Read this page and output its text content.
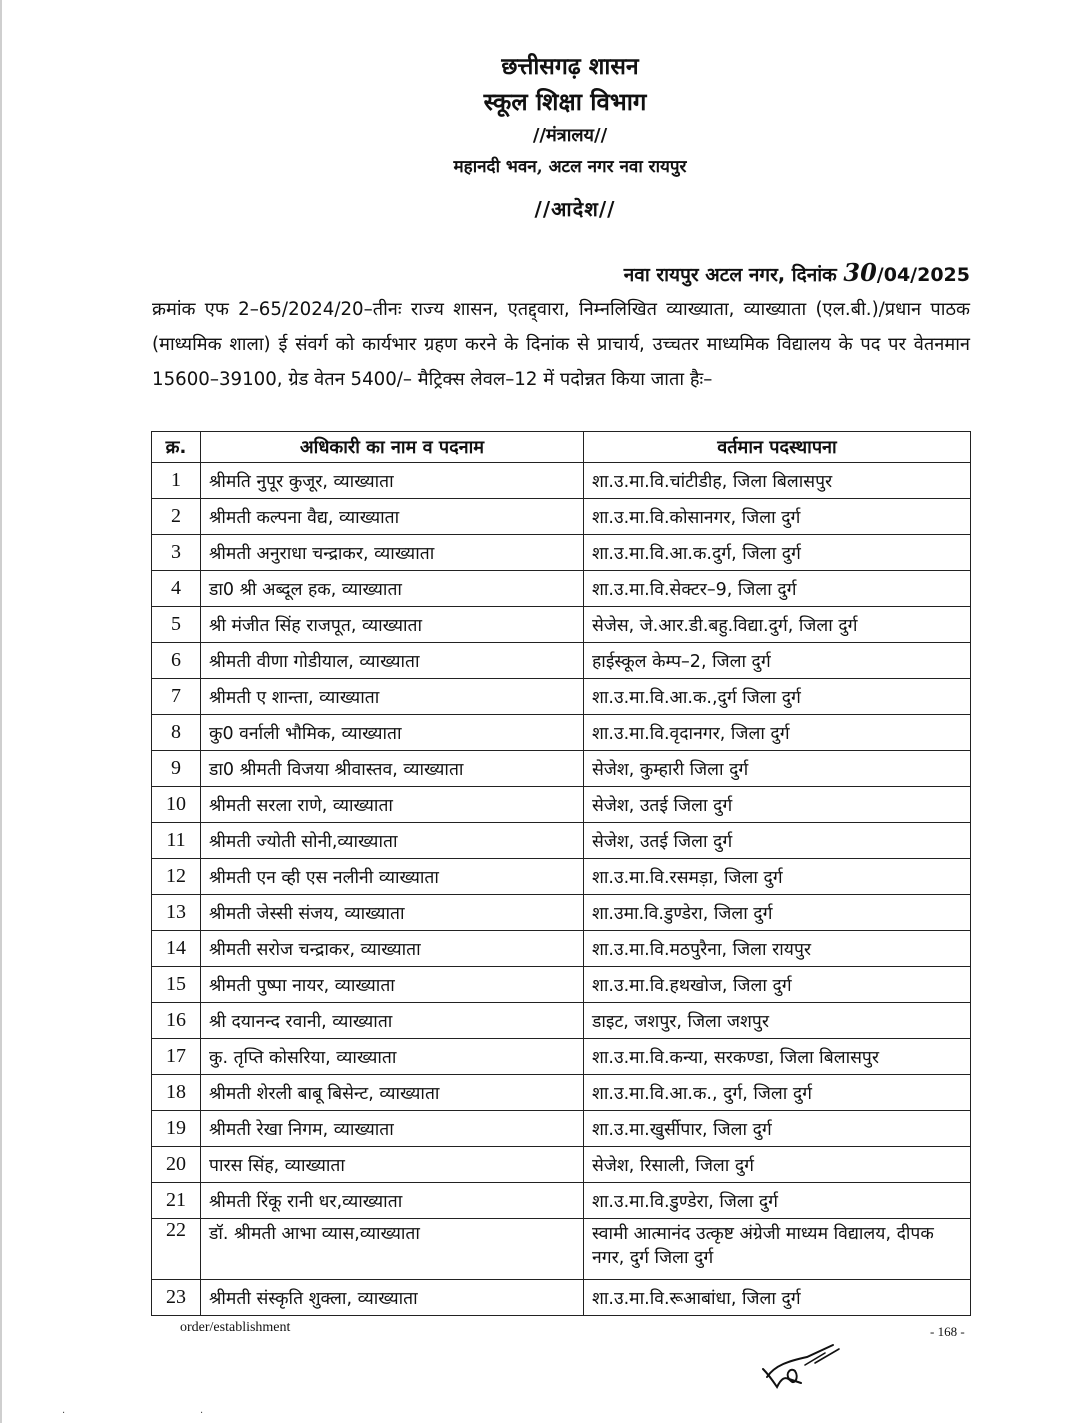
छत्तीसगढ़ शासन
स्कूल शिक्षा विभाग
//मंत्रालय//
महानदी भवन, अटल नगर नवा रायपुर
//आदेश//
नवा रायपुर अटल नगर, दिनांक 30/04/2025
क्रमांक एफ 2–65/2024/20–तीनः राज्य शासन, एतद्द्वारा, निम्नलिखित व्याख्याता, व्याख्याता (एल.बी.)/प्रधान पाठक (माध्यमिक शाला) ई संवर्ग को कार्यभार ग्रहण करने के दिनांक से प्राचार्य, उच्चतर माध्यमिक विद्यालय के पद पर वेतनमान 15600–39100, ग्रेड वेतन 5400/– मैट्रिक्स लेवल–12 में पदोन्नत किया जाता हैः–
क्र.	अधिकारी का नाम व पदनाम	वर्तमान पदस्थापना
1	श्रीमति नुपूर कुजूर, व्याख्याता	शा.उ.मा.वि.चांटीडीह, जिला बिलासपुर
2	श्रीमती कल्पना वैद्य, व्याख्याता	शा.उ.मा.वि.कोसानगर, जिला दुर्ग
3	श्रीमती अनुराधा चन्द्राकर, व्याख्याता	शा.उ.मा.वि.आ.क.दुर्ग, जिला दुर्ग
4	डा0 श्री अब्दूल हक, व्याख्याता	शा.उ.मा.वि.सेक्टर–9, जिला दुर्ग
5	श्री मंजीत सिंह राजपूत, व्याख्याता	सेजेस, जे.आर.डी.बहु.विद्या.दुर्ग, जिला दुर्ग
6	श्रीमती वीणा गोडीयाल, व्याख्याता	हाईस्कूल केम्प–2, जिला दुर्ग
7	श्रीमती ए शान्ता, व्याख्याता	शा.उ.मा.वि.आ.क.,दुर्ग जिला दुर्ग
8	कु0 वर्नाली भौमिक, व्याख्याता	शा.उ.मा.वि.वृदानगर, जिला दुर्ग
9	डा0 श्रीमती विजया श्रीवास्तव, व्याख्याता	सेजेश, कुम्हारी जिला दुर्ग
10	श्रीमती सरला राणे, व्याख्याता	सेजेश, उतई जिला दुर्ग
11	श्रीमती ज्योती सोनी,व्याख्याता	सेजेश, उतई जिला दुर्ग
12	श्रीमती एन व्ही एस नलीनी व्याख्याता	शा.उ.मा.वि.रसमड़ा, जिला दुर्ग
13	श्रीमती जेस्सी संजय, व्याख्याता	शा.उमा.वि.डुण्डेरा, जिला दुर्ग
14	श्रीमती सरोज चन्द्राकर, व्याख्याता	शा.उ.मा.वि.मठपुरैना, जिला रायपुर
15	श्रीमती पुष्पा नायर, व्याख्याता	शा.उ.मा.वि.हथखोज, जिला दुर्ग
16	श्री दयानन्द रवानी, व्याख्याता	डाइट, जशपुर, जिला जशपुर
17	कु. तृप्ति कोसरिया, व्याख्याता	शा.उ.मा.वि.कन्या, सरकण्डा, जिला बिलासपुर
18	श्रीमती शेरली बाबू बिसेन्ट, व्याख्याता	शा.उ.मा.वि.आ.क., दुर्ग, जिला दुर्ग
19	श्रीमती रेखा निगम, व्याख्याता	शा.उ.मा.खुर्सीपार, जिला दुर्ग
20	पारस सिंह, व्याख्याता	सेजेश, रिसाली, जिला दुर्ग
21	श्रीमती रिंकू रानी धर,व्याख्याता	शा.उ.मा.वि.डुण्डेरा, जिला दुर्ग
22	डॉ. श्रीमती आभा व्यास,व्याख्याता	स्वामी आत्मानंद उत्कृष्ट अंग्रेजी माध्यम विद्यालय, दीपक नगर, दुर्ग जिला दुर्ग
23	श्रीमती संस्कृति शुक्ला, व्याख्याता	शा.उ.मा.वि.रूआबांधा, जिला दुर्ग
order/establishment	- 168 -
·	·
